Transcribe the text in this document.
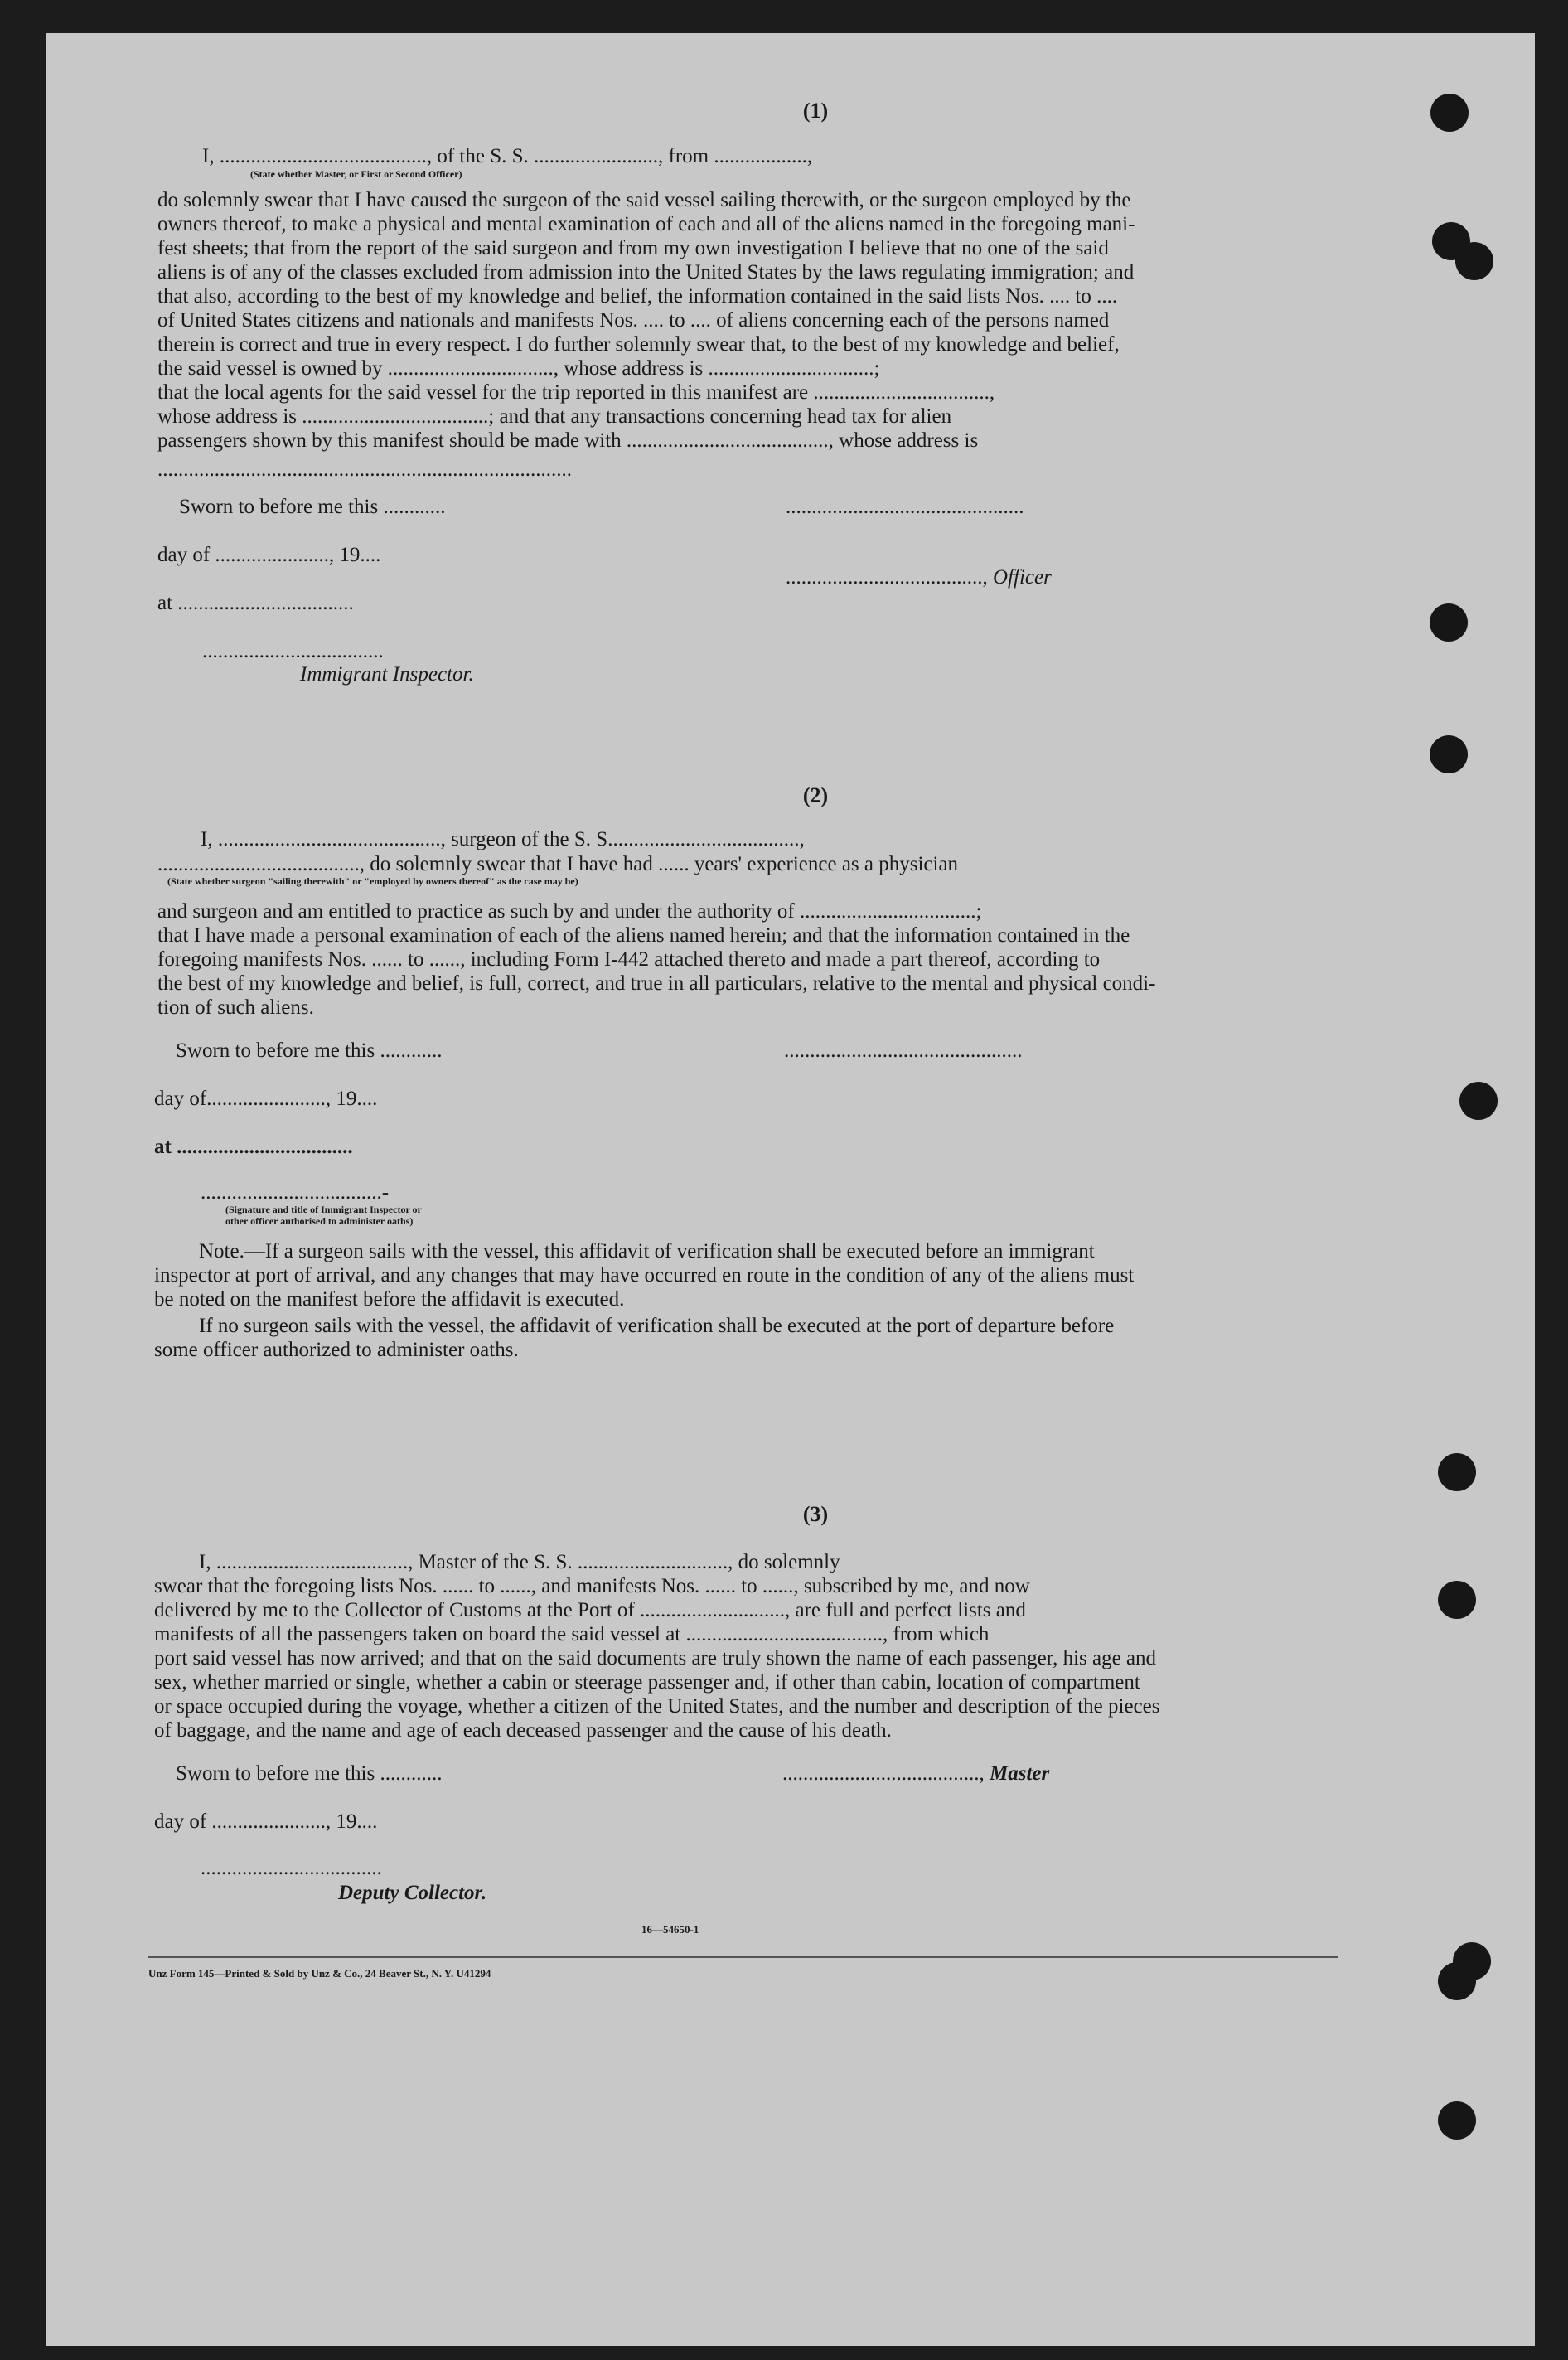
(1)
I, ........................................, of the S. S. ........................, from ..................,
(State whether Master, or First or Second Officer)
do solemnly swear that I have caused the surgeon of the said vessel sailing therewith, or the surgeon employed by the
owners thereof, to make a physical and mental examination of each and all of the aliens named in the foregoing mani-
fest sheets; that from the report of the said surgeon and from my own investigation I believe that no one of the said
aliens is of any of the classes excluded from admission into the United States by the laws regulating immigration; and
that also, according to the best of my knowledge and belief, the information contained in the said lists Nos. .... to ....
of United States citizens and nationals and manifests Nos. .... to .... of aliens concerning each of the persons named
therein is correct and true in every respect. I do further solemnly swear that, to the best of my knowledge and belief,
the said vessel is owned by ................................, whose address is ................................;
that the local agents for the said vessel for the trip reported in this manifest are ..................................,
whose address is ....................................; and that any transactions concerning head tax for alien
passengers shown by this manifest should be made with ......................................., whose address is
................................................................................
Sworn to before me this ............	..............................................
day of ......................, 19....
......................................, Officer
at ..................................
...................................
Immigrant Inspector.
(2)
I, ..........................................., surgeon of the S. S.....................................,
......................................., do solemnly swear that I have had ...... years' experience as a physician
(State whether surgeon "sailing therewith" or "employed by owners thereof" as the case may be)
and surgeon and am entitled to practice as such by and under the authority of ..................................;
that I have made a personal examination of each of the aliens named herein; and that the information contained in the
foregoing manifests Nos. ...... to ......, including Form I-442 attached thereto and made a part thereof, according to
the best of my knowledge and belief, is full, correct, and true in all particulars, relative to the mental and physical condi-
tion of such aliens.
Sworn to before me this ............	..............................................
day of......................., 19....
at ..................................
...................................-
(Signature and title of Immigrant Inspector or
other officer authorised to administer oaths)
Note. —If a surgeon sails with the vessel, this affidavit of verification shall be executed before an immigrant
inspector at port of arrival, and any changes that may have occurred en route in the condition of any of the aliens must
be noted on the manifest before the affidavit is executed.
If no surgeon sails with the vessel, the affidavit of verification shall be executed at the port of departure before
some officer authorized to administer oaths.
(3)
I, ....................................., Master of the S. S. ............................., do solemnly
swear that the foregoing lists Nos. ...... to ......, and manifests Nos. ...... to ......, subscribed by me, and now
delivered by me to the Collector of Customs at the Port of ............................, are full and perfect lists and
manifests of all the passengers taken on board the said vessel at ......................................, from which
port said vessel has now arrived; and that on the said documents are truly shown the name of each passenger, his age and
sex, whether married or single, whether a cabin or steerage passenger and, if other than cabin, location of compartment
or space occupied during the voyage, whether a citizen of the United States, and the number and description of the pieces
of baggage, and the name and age of each deceased passenger and the cause of his death.
Sworn to before me this ............	......................................, Master
day of ......................, 19....
...................................
Deputy Collector.
16—54650-1
Unz Form 145—Printed & Sold by Unz & Co., 24 Beaver St., N. Y. U41294
